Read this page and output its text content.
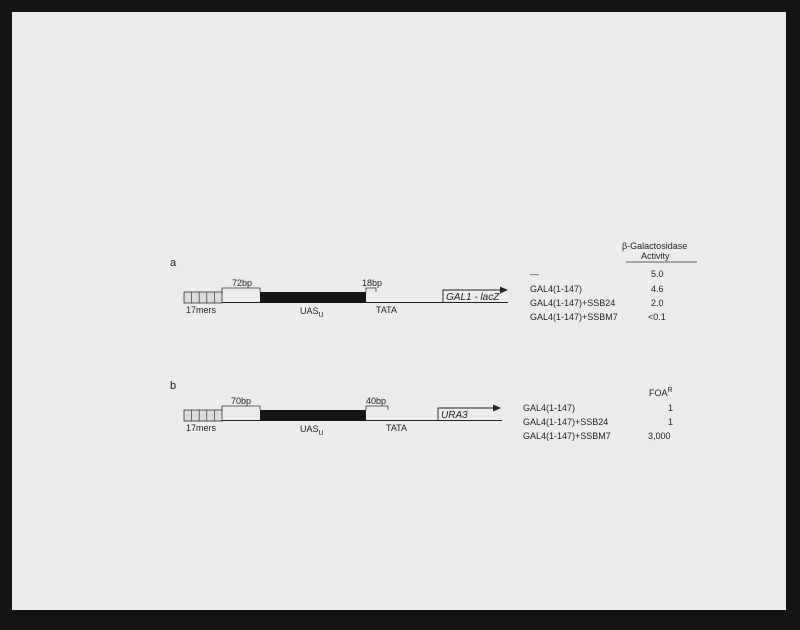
a
72bp	18bp
GAL1 - lacZ
17mers	$UAS_U$
TATA
β-Galactosidase
Activity
—	5.0
GAL4(1-147)	4.6
GAL4(1-147)+SSB24	2.0
GAL4(1-147)+SSBM7	<0.1
b
70bp	40bp
URA3
17mers	$UAS_U$
TATA
$FOA^R$
GAL4(1-147)	1
GAL4(1-147)+SSB24	1
GAL4(1-147)+SSBM7	3,000
